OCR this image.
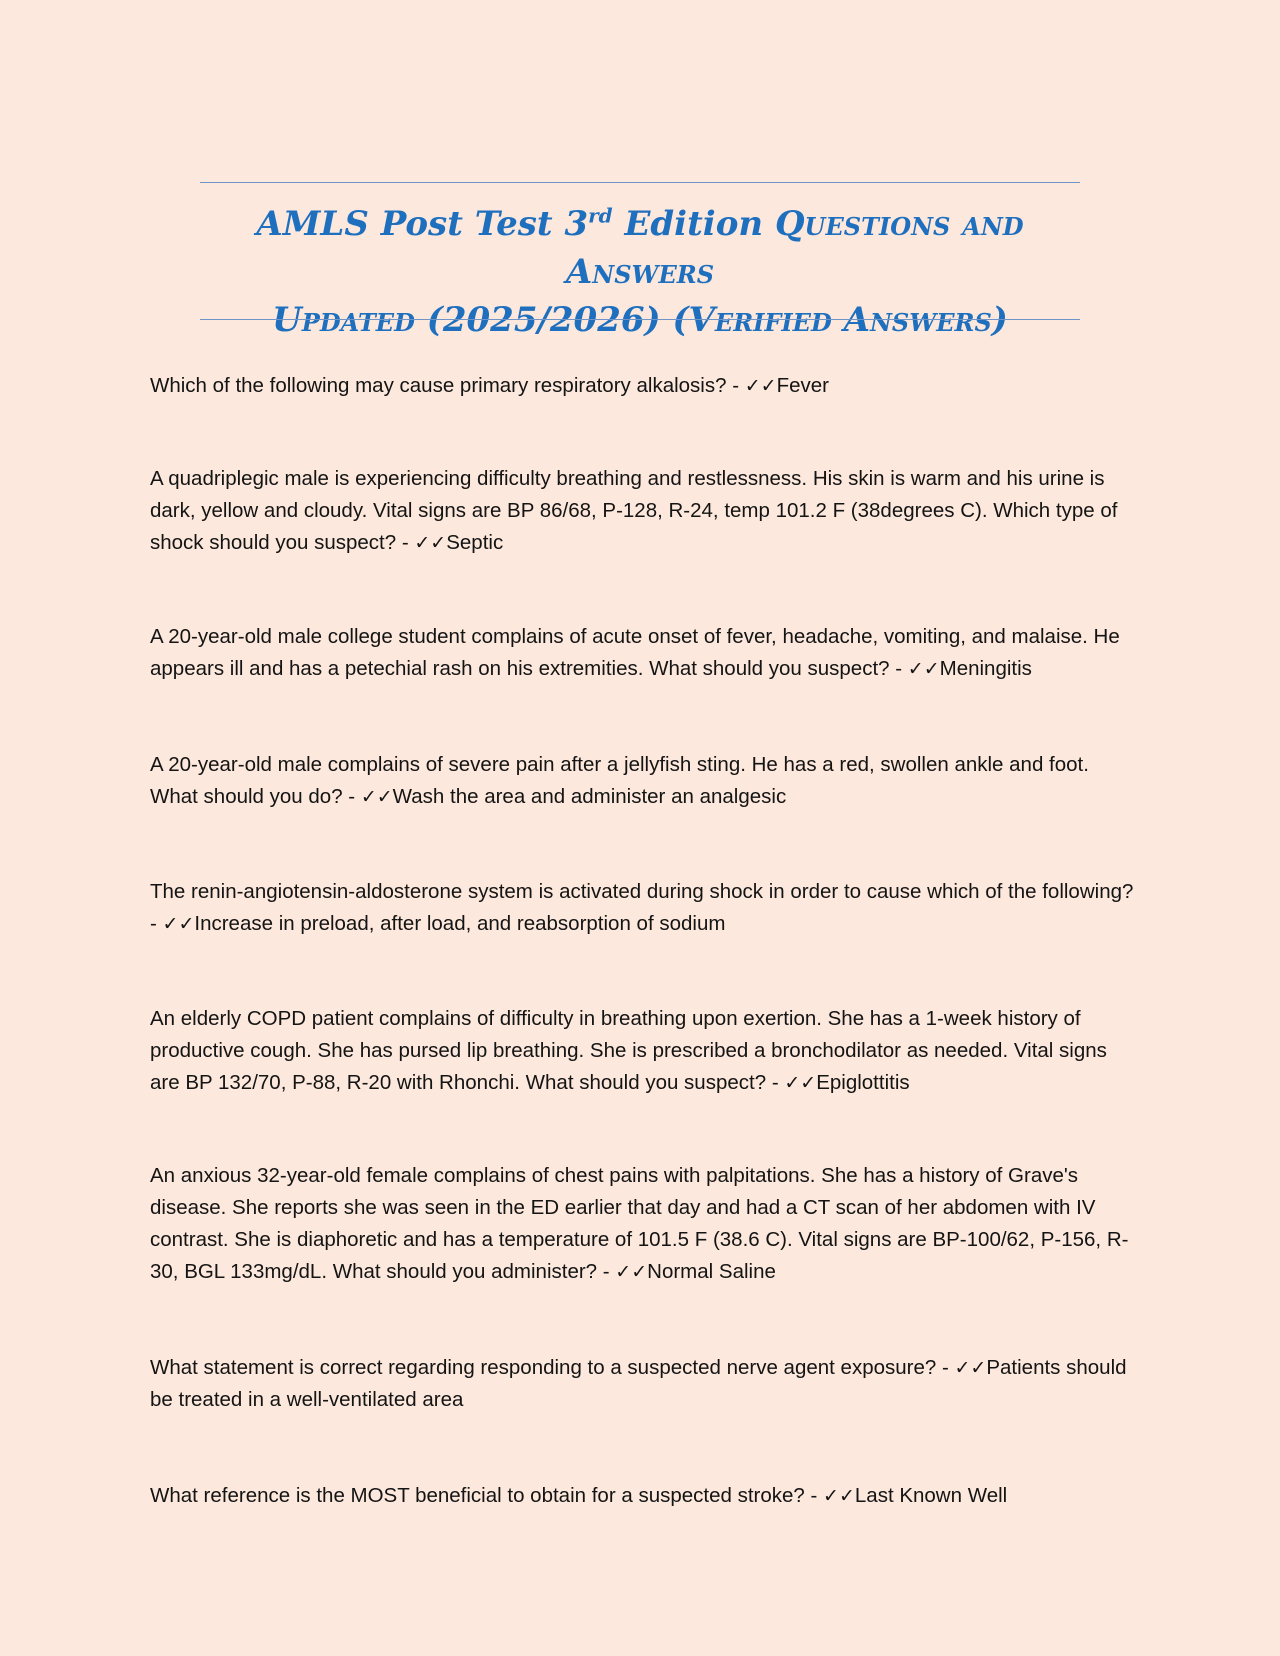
AMLS Post Test 3rd Edition Questions and Answers
Updated (2025/2026) (Verified Answers)

Which of the following may cause primary respiratory alkalosis? - ✓✓Fever

A quadriplegic male is experiencing difficulty breathing and restlessness. His skin is warm and his urine is dark, yellow and cloudy. Vital signs are BP 86/68, P-128, R-24, temp 101.2 F (38degrees C). Which type of shock should you suspect? - ✓✓Septic

A 20-year-old male college student complains of acute onset of fever, headache, vomiting, and malaise. He appears ill and has a petechial rash on his extremities. What should you suspect? - ✓✓Meningitis

A 20-year-old male complains of severe pain after a jellyfish sting. He has a red, swollen ankle and foot. What should you do? - ✓✓Wash the area and administer an analgesic

The renin-angiotensin-aldosterone system is activated during shock in order to cause which of the following? - ✓✓Increase in preload, after load, and reabsorption of sodium

An elderly COPD patient complains of difficulty in breathing upon exertion. She has a 1-week history of productive cough. She has pursed lip breathing. She is prescribed a bronchodilator as needed. Vital signs are BP 132/70, P-88, R-20 with Rhonchi. What should you suspect? - ✓✓Epiglottitis

An anxious 32-year-old female complains of chest pains with palpitations. She has a history of Grave's disease. She reports she was seen in the ED earlier that day and had a CT scan of her abdomen with IV contrast. She is diaphoretic and has a temperature of 101.5 F (38.6 C). Vital signs are BP-100/62, P-156, R-30, BGL 133mg/dL. What should you administer? - ✓✓Normal Saline

What statement is correct regarding responding to a suspected nerve agent exposure? - ✓✓Patients should be treated in a well-ventilated area

What reference is the MOST beneficial to obtain for a suspected stroke? - ✓✓Last Known Well
